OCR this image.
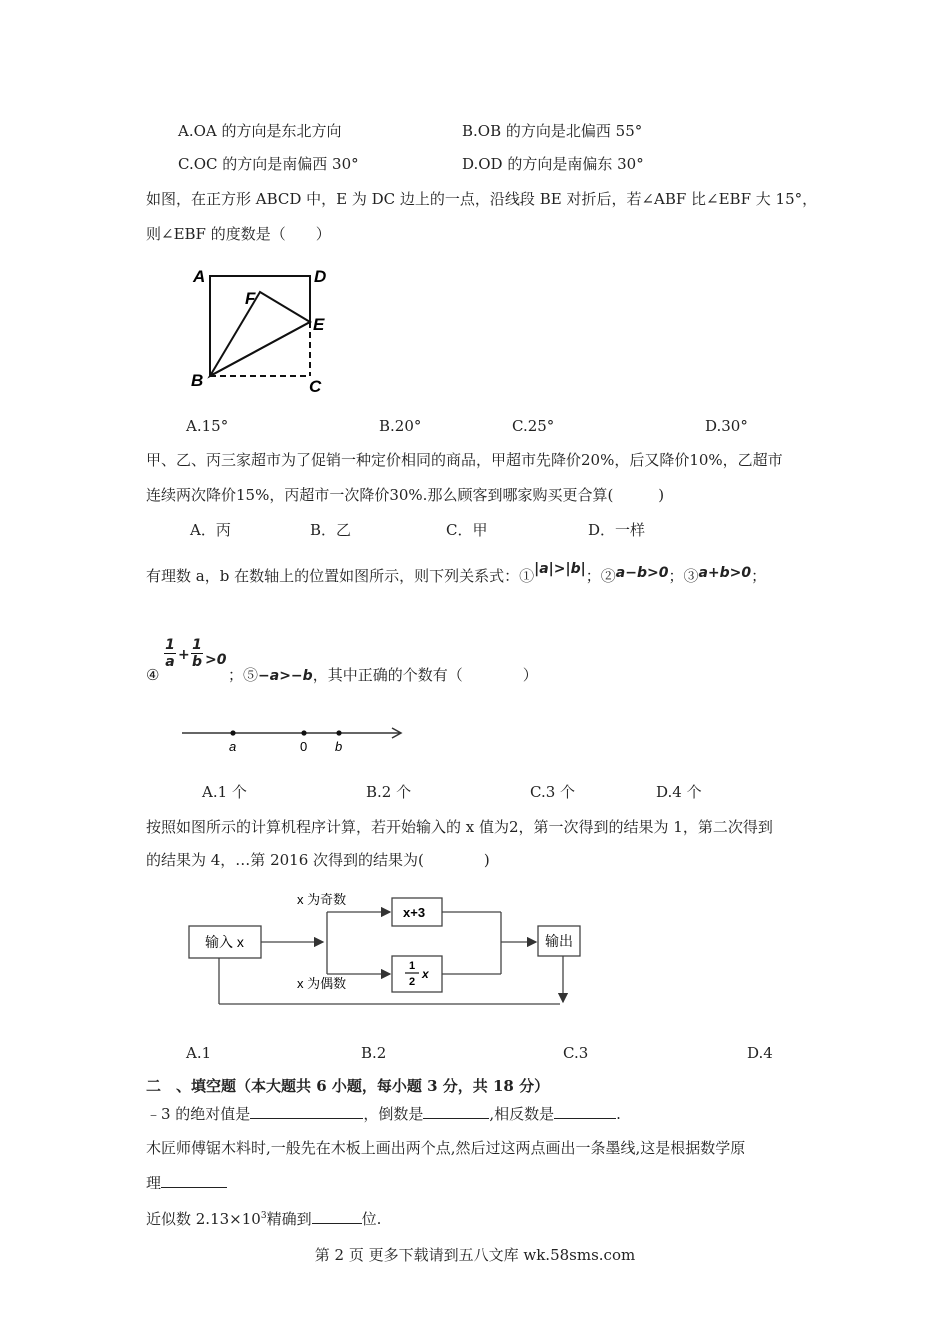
A.OA 的方向是东北方向	B.OB 的方向是北偏西 55°
C.OC 的方向是南偏西 30°	D.OD 的方向是南偏东 30°
如图，在正方形 ABCD 中，E 为 DC 边上的一点，沿线段 BE 对折后，若∠ABF 比∠EBF 大 15°，
则∠EBF 的度数是（　　）
A	D
F
E
B	C
A.15°	B.20°	C.25°	D.30°
甲、乙、丙三家超市为了促销一种定价相同的商品，甲超市先降价20%，后又降价10%，乙超市
连续两次降价15%，丙超市一次降价30%.那么顾客到哪家购买更合算(　　　)
A．丙	B．乙	C．甲	D．一样
有理数 a，b 在数轴上的位置如图所示，则下列关系式：①|a|>|b|；②a−b>0；③a+b>0；
④
$\frac{1}{a} + \frac{1}{b} >0$
；⑤−a>−b，其中正确的个数有（　　　　）
a	0 b
A.1 个	B.2 个	C.3 个	D.4 个
按照如图所示的计算机程序计算，若开始输入的 x 值为2，第一次得到的结果为 1，第二次得到
的结果为 4，…第 2016 次得到的结果为(　　　　)
输入 x
x 为奇数
x 为偶数
x+3
1
2
x
输出
A.1	B.2	C.3	D.4
二　、填空题（本大题共 6 小题，每小题 3 分，共 18 分）
﹣3 的绝对值是	，倒数是	,相反数是	.
木匠师傅锯木料时,一般先在木板上画出两个点,然后过这两点画出一条墨线,这是根据数学原
理
近似数 $2.13\times 10^3$精确到	位.
第 2 页 更多下载请到五八文库 wk.58sms.com
